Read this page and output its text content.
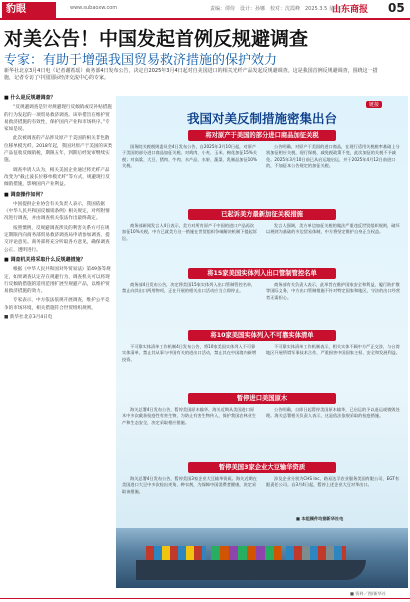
豹眼	www.subaoxw.com	责编：谭侍　设计：孙娜　校对：沈霞峰　2025.3.5 星期三
山东商报 05
对美公告！中国发起首例反规避调查
专家：有助于增强我国贸易救济措施的保护效力
新华社北京3月4日电（记者谢希瑶）商务部4日发布公告，决定自2025年3月4日起对自美国进口的相关光纤产品发起反规避调查。这是我国首例反规避调查，围绕这一措施，记者专访了中国国际经济交流中心的专家。
■ 什么是反规避调查？
“反规避调查是针对规避现行反倾销或反补贴措施的行为发起的一项贸易救济调查。该举措旨在维护贸易救济措施的有效性，保护国内产业和市场秩序。”专家如是说。
此次被调查的产品涉及原产于美国的相关非色散位移单模光纤。2018年起，我国对原产于美国的该类产品征收反倾销税，期限五年，到期后经复审继续实施。
调查申请人认为，相关美国企业通过将光纤产品改变为“截止波长位移单模光纤”等方式，规避现行反倾销措施，影响国内产业利益。
■ 调查操作如何？
中国提供企业协会有关负责人表示，我国依据《中华人民共和国反倾销条例》相关规定，对所附情况进行调查，并由调查机关依法作出最终裁定。
按照惯例，反规避调查涉及的利害关系方可在规定期限内向商务部贸易救济调查局申请参加调查、提交评论意见。商务部将充分听取各方意见，确保调查公正、透明进行。
■ 调查机关将采取什么反规避措施？
根据《中华人民共和国对外贸易法》第49条等规定，如果调查认定存在规避行为，调查机关可以将现行反倾销措施的适用范围扩展至规避产品，以维护贸易救济措施的效力。
专家表示，中方依法依规开展调查，维护公平竞争的市场环境，相关措施符合世贸组织规则。
■ 新华社北京3月4日电
链接
我国对美反制措施密集出台
将对原产于美国的部分进口商品加征关税
国务院关税税则委员会4日发布公告，自2025年3月10日起，对原产于美国的部分进口商品加征关税。对鸡肉、小麦、玉米、棉花加征15%关税；对高粱、大豆、猪肉、牛肉、水产品、水果、蔬菜、乳制品加征10%关税。
公告明确，对原产于美国的进口商品，在现行适用关税税率基础上分别加征相应关税，现行保税、减免税政策不变，此次加征的关税不予减免。2025年3月10日前已从启运地启运，并于2025年4月12日前进口的，不加征本公告规定的加征关税。
已起诉美方最新加征关税措施
商务部新闻发言人4日表示，美方对所有原产于中国的进口产品再次加征10%关税，中方已就美方这一措施在世贸组织争端解决机制下提起诉讼。
发言人强调，美方单边加征关税的做法严重违反世贸组织规则，破坏以规则为基础的多边贸易体制，中方将坚定维护自身正当权益。
将15家美国实体列入出口管制管控名单
商务部4日发布公告，决定将美国15家实体列入出口管制管控名单，禁止向其出口两用物项，正在开展的相关出口活动应当立即停止。
商务部有关负责人表示，此举旨在维护国家安全和利益，履行防扩散等国际义务，中方出口管制措施不针对特定国家和地区，守法的出口经营者无需担心。
将10家美国实体列入不可靠实体清单
不可靠实体清单工作机制4日发布公告，将10家美国实体列入不可靠实体清单，禁止其从事与中国有关的进出口活动，禁止其在中国境内新增投资。
不可靠实体清单工作机制表示，相关实体不顾中方严正交涉，与台湾地区开展所谓军事技术合作，严重损害中国国家主权、安全和发展利益。
暂停进口美国原木
海关总署4日发布公告，暂停美国原木输华。海关近期从美国进口原木中多次截获检疫性有害生物，为防止有害生物传入，保护我国农林业生产和生态安全，决定采取相应措施。
公告明确，自即日起暂停美国原木输华，已启运的予以退运或销毁处理。海关总署相关负责人表示，这是依法依规采取的检疫措施。
暂停美国3家企业大豆输华资质
海关总署4日发布公告，暂停美国3家企业大豆输华资质。海关近期在美国进口大豆中多次检出麦角、种衣剂，为保障中国消费者健康，决定采取该措施。
涉及企业分别为CHS Inc、路易达孚农业服务美国有限公司、EGT有限责任公司。自3月4日起，暂停上述企业大豆对华出口。
■ 本组稿件均据新华社电
■ 资料／图/新华社
